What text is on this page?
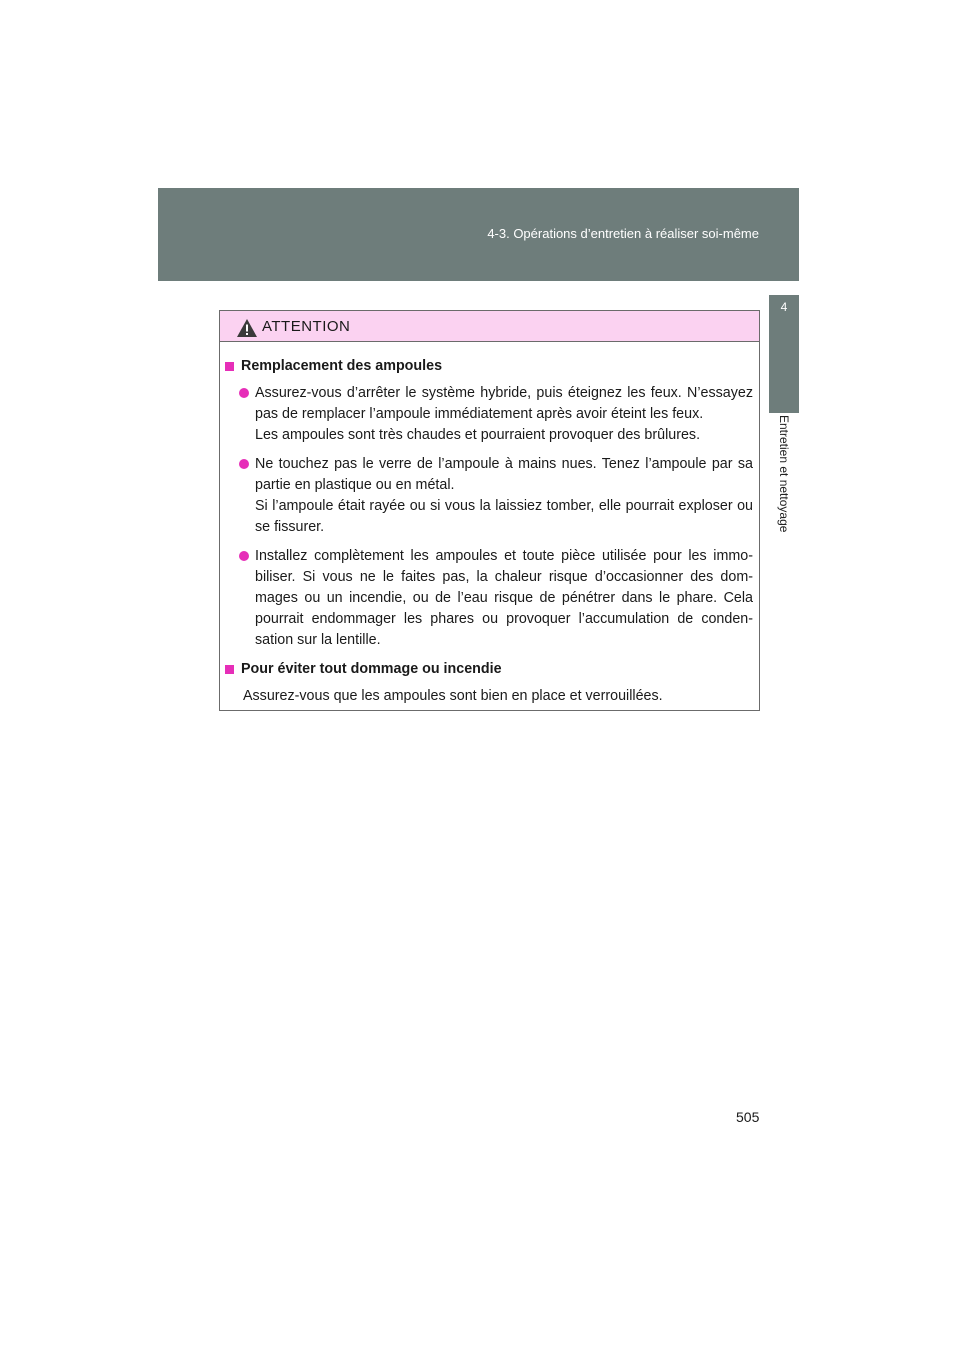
4-3. Opérations d’entretien à réaliser soi-même
4
Entretien et nettoyage
ATTENTION
Remplacement des ampoules

Assurez-vous d’arrêter le système hybride, puis éteignez les feux. N’essayez pas de remplacer l’ampoule immédiatement après avoir éteint les feux.

Les ampoules sont très chaudes et pourraient provoquer des brûlures.

Ne touchez pas le verre de l’ampoule à mains nues. Tenez l’ampoule par sa partie en plastique ou en métal.

Si l’ampoule était rayée ou si vous la laissiez tomber, elle pourrait exploser ou se fissurer.

Installez complètement les ampoules et toute pièce utilisée pour les immo-biliser. Si vous ne le faites pas, la chaleur risque d’occasionner des dom-mages ou un incendie, ou de l’eau risque de pénétrer dans le phare. Cela pourrait endommager les phares ou provoquer l’accumulation de conden-sation sur la lentille.

Pour éviter tout dommage ou incendie

Assurez-vous que les ampoules sont bien en place et verrouillées.

505
